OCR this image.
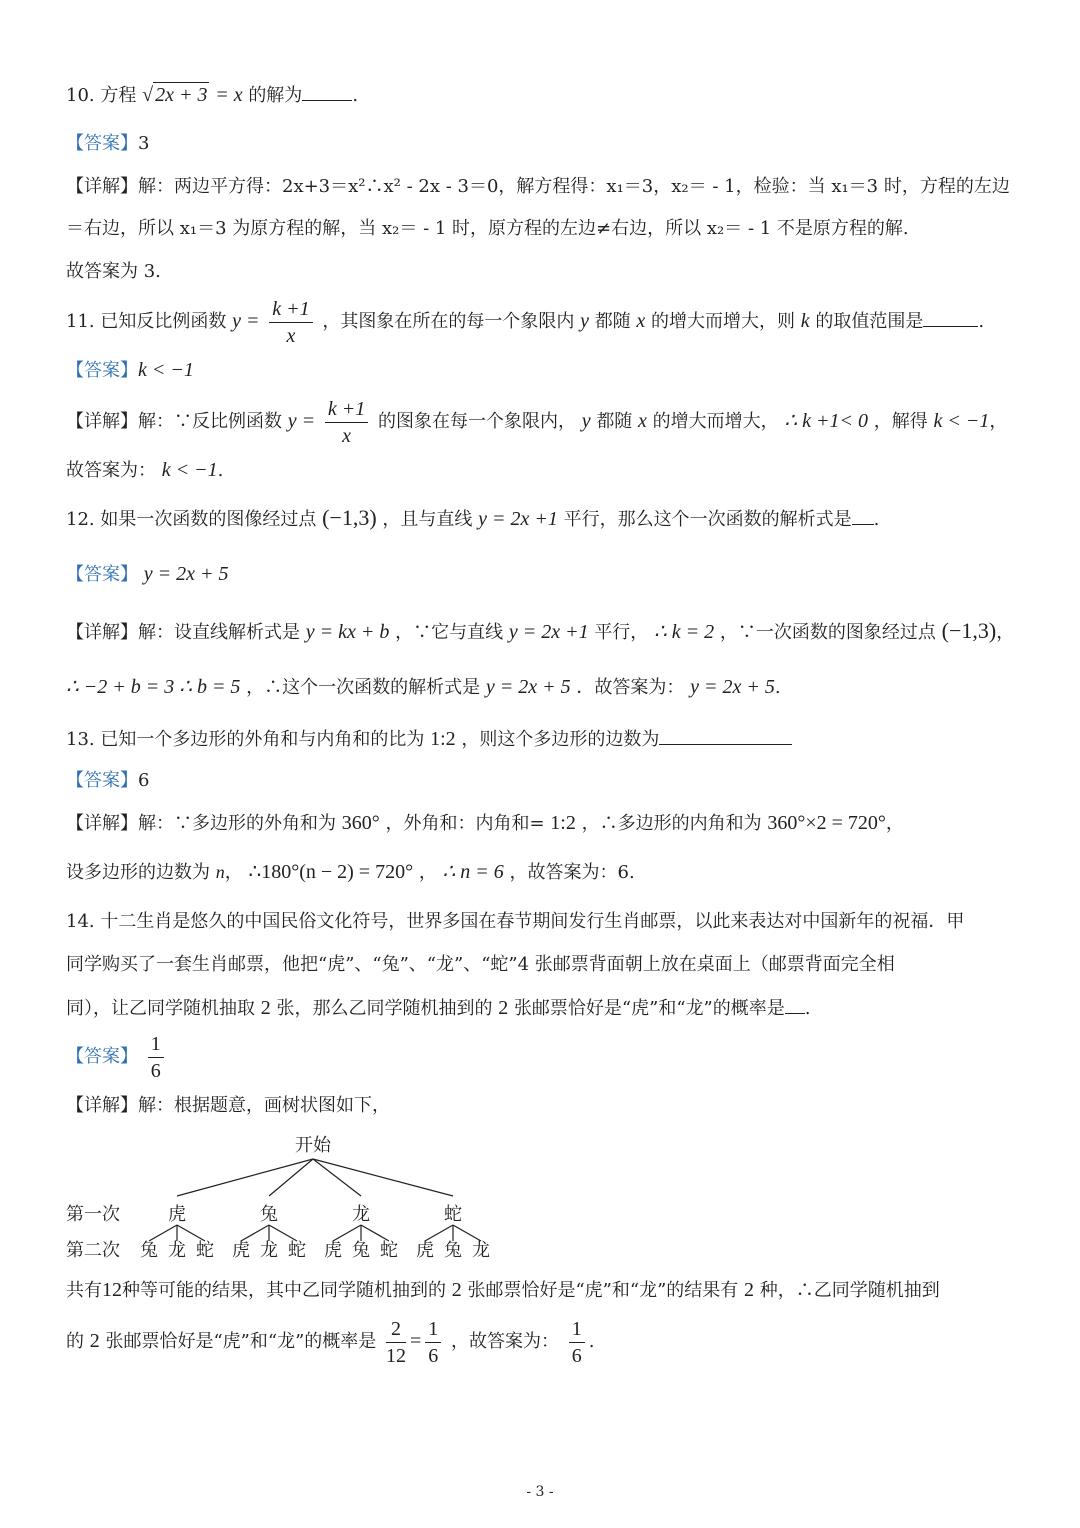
10. 方程 √ 2x + 3 = x 的解为	.
【答案】3
【详解】解：两边平方得：2x+3＝x²∴x² - 2x - 3＝0，解方程得：x₁＝3，x₂＝ - 1，检验：当 x₁＝3 时，方程的左边
＝右边，所以 x₁＝3 为原方程的解，当 x₂＝ - 1 时，原方程的左边≠右边，所以 x₂＝ - 1 不是原方程的解.
故答案为 3.
11. 已知反比例函数 $y = \frac{k +1}{x}$ ，其图象在所在的每一个象限内 y 都随 x 的增大而增大，则 k 的取值范围是	.
【答案】k < −1
【详解】解：∵反比例函数 $y = \frac{k +1}{x}$ 的图象在每一个象限内， y 都随 x 的增大而增大， ∴ k +1< 0 ，解得 k < −1，
故答案为： k < −1.
12. 如果一次函数的图像经过点 (−1,3) ，且与直线 y = 2x +1 平行，那么这个一次函数的解析式是 .
【答案】 y = 2x + 5
【详解】解：设直线解析式是 y = kx + b ，∵它与直线 y = 2x +1 平行， ∴ k = 2 ，∵一次函数的图象经过点 (−1,3)，
∴ −2 + b = 3 ∴ b = 5 ，∴这个一次函数的解析式是 y = 2x + 5 ．故答案为： y = 2x + 5.
13. 已知一个多边形的外角和与内角和的比为 1:2 ，则这个多边形的边数为
【答案】6
【详解】解：∵多边形的外角和为 360° ，外角和：内角和= 1:2 ，∴多边形的内角和为 360°×2 = 720°，
设多边形的边数为 n， ∴180°(n − 2) = 720° ， ∴ n = 6 ，故答案为：6.
14. 十二生肖是悠久的中国民俗文化符号，世界多国在春节期间发行生肖邮票，以此来表达对中国新年的祝福．甲
同学购买了一套生肖邮票，他把“虎”、“兔”、“龙”、“蛇”4 张邮票背面朝上放在桌面上（邮票背面完全相
同），让乙同学随机抽取 2 张，那么乙同学随机抽到的 2 张邮票恰好是“虎”和“龙”的概率是 .
【答案】 $\frac{1}{6}$
【详解】解：根据题意，画树状图如下，
开始
第一次	虎	兔	龙	蛇
第二次 兔 龙 蛇 虎 龙 蛇 虎 兔 蛇 虎 兔 龙
共有12种等可能的结果，其中乙同学随机抽到的 2 张邮票恰好是“虎”和“龙”的结果有 2 种，∴乙同学随机抽到
的 2 张邮票恰好是“虎”和“龙”的概率是 $\frac{2}{12} = \frac{1}{6}$ ，故答案为： $\frac{1}{6}$ .
- 3 -
